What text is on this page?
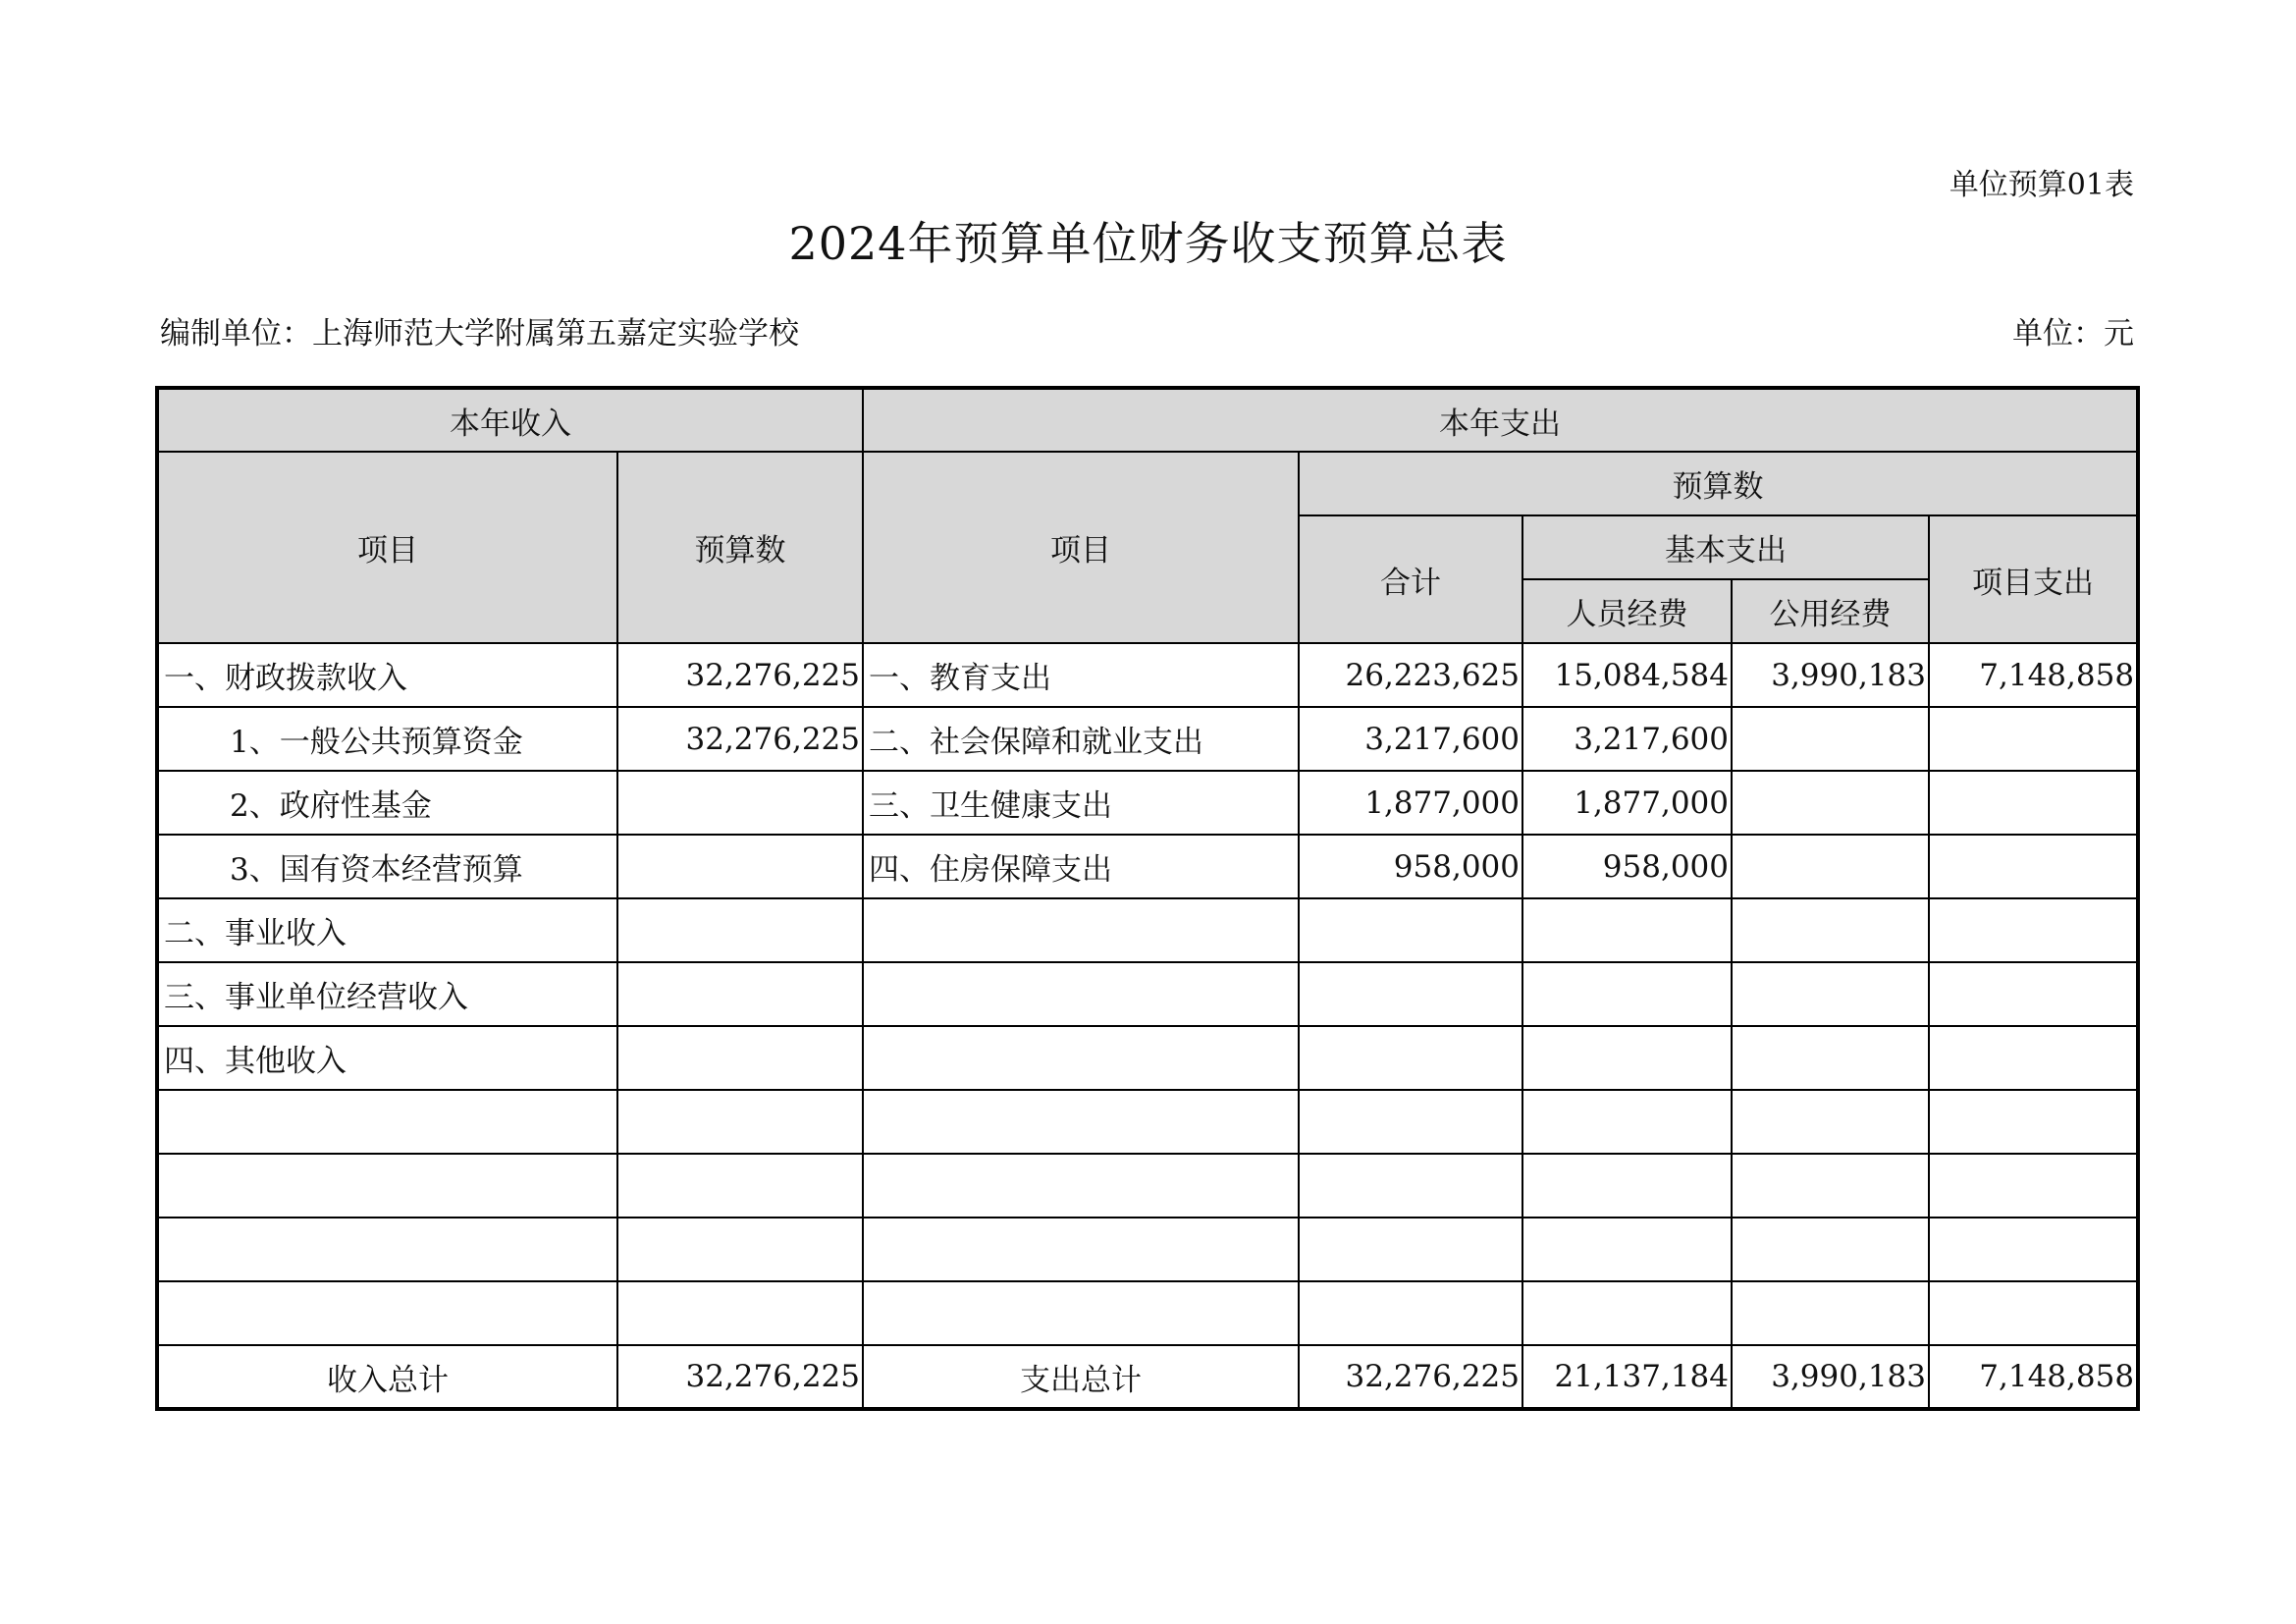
单位预算01表
2024年预算单位财务收支预算总表
编制单位：上海师范大学附属第五嘉定实验学校	单位：元
本年收入		本年支出				
项目	预算数	项目	预算数			
			合计	基本支出		项目支出
				人员经费	公用经费	
一、财政拨款收入	32,276,225	一、教育支出	26,223,625	15,084,584	3,990,183	7,148,858
1、一般公共预算资金	32,276,225	二、社会保障和就业支出	3,217,600	3,217,600		
2、政府性基金		三、卫生健康支出	1,877,000	1,877,000		
3、国有资本经营预算		四、住房保障支出	958,000	958,000		
二、事业收入						
三、事业单位经营收入						
四、其他收入						

收入总计	32,276,225	支出总计	32,276,225	21,137,184	3,990,183	7,148,858
